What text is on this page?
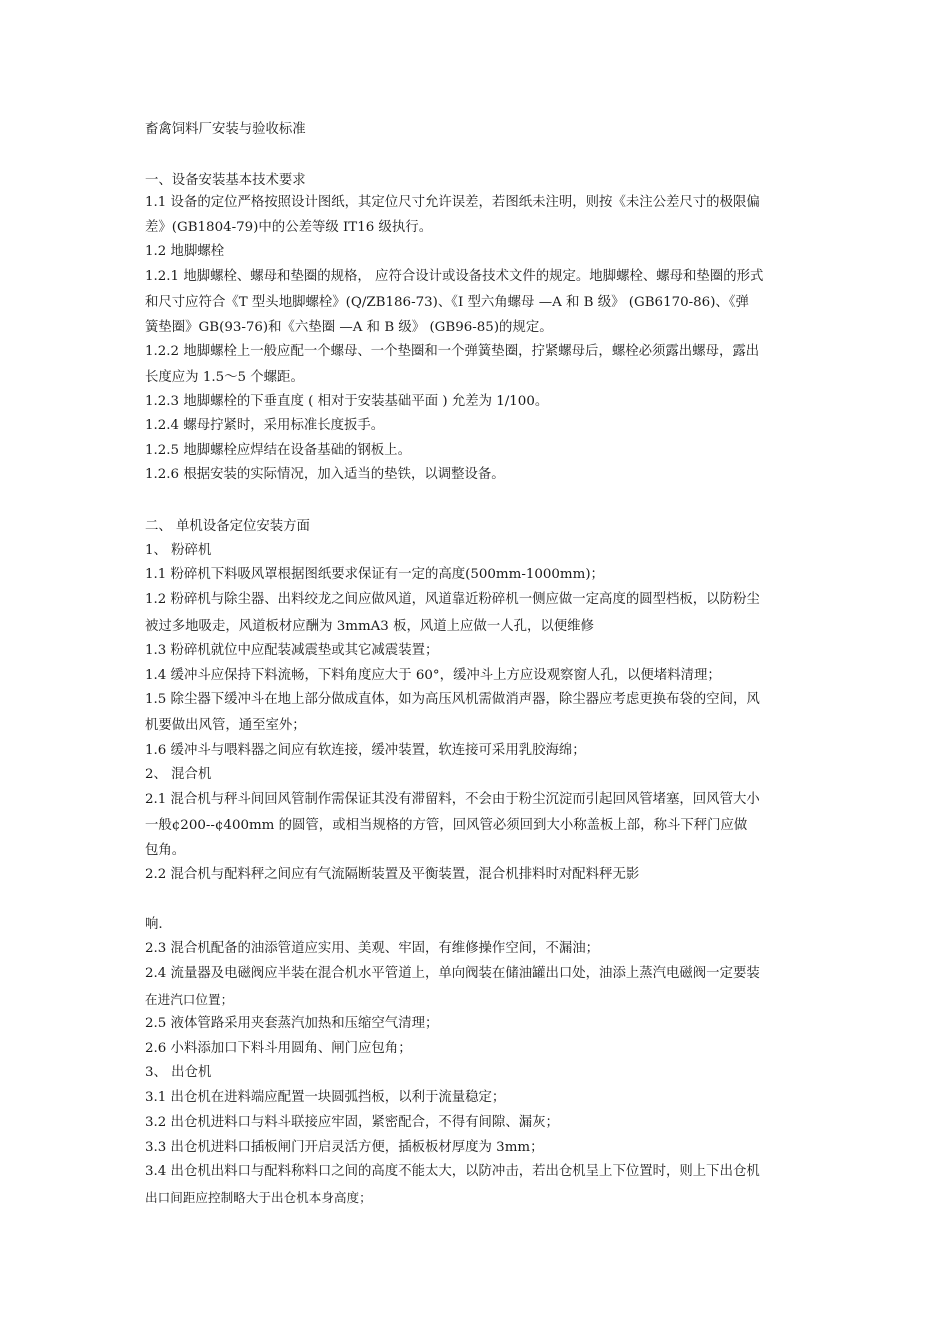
畜禽饲料厂安装与验收标准
一、设备安装基本技术要求
1.1 设备的定位严格按照设计图纸，其定位尺寸允许误差，若图纸未注明，则按《未注公差尺寸的极限偏
差》(GB1804-79)中的公差等级 IT16 级执行。
1.2 地脚螺栓
1.2.1 地脚螺栓、螺母和垫圈的规格， 应符合设计或设备技术文件的规定。地脚螺栓、螺母和垫圈的形式
和尺寸应符合《T 型头地脚螺栓》(Q/ZB186-73)、《I 型六角螺母 —A 和 B 级》 (GB6170-86)、《弹
簧垫圈》GB(93-76)和《六垫圈 —A 和 B 级》 (GB96-85)的规定。
1.2.2 地脚螺栓上一般应配一个螺母、一个垫圈和一个弹簧垫圈，拧紧螺母后，螺栓必须露出螺母，露出
长度应为 1.5～5 个螺距。
1.2.3 地脚螺栓的下垂直度 ( 相对于安装基础平面 ) 允差为 1/100。
1.2.4 螺母拧紧时，采用标准长度扳手。
1.2.5 地脚螺栓应焊结在设备基础的钢板上。
1.2.6 根据安装的实际情况，加入适当的垫铁，以调整设备。
二、 单机设备定位安装方面
1、 粉碎机
1.1 粉碎机下料吸风罩根据图纸要求保证有一定的高度(500mm-1000mm)；
1.2 粉碎机与除尘器、出料绞龙之间应做风道，风道靠近粉碎机一侧应做一定高度的圆型档板，以防粉尘
被过多地吸走，风道板材应酬为 3mmA3 板，风道上应做一人孔，以便维修
1.3 粉碎机就位中应配装减震垫或其它减震装置；
1.4 缓冲斗应保持下料流畅，下料角度应大于 60°，缓冲斗上方应设观察窗人孔，以便堵料清理；
1.5 除尘器下缓冲斗在地上部分做成直体，如为高压风机需做消声器，除尘器应考虑更换布袋的空间，风
机要做出风管，通至室外；
1.6 缓冲斗与喂料器之间应有软连接，缓冲装置，软连接可采用乳胶海绵；
2、 混合机
2.1 混合机与秤斗间回风管制作需保证其没有滞留料，不会由于粉尘沉淀而引起回风管堵塞，回风管大小
一般¢200--¢400mm 的圆管，或相当规格的方管，回风管必须回到大小称盖板上部，称斗下秤门应做
包角。
2.2 混合机与配料秤之间应有气流隔断装置及平衡装置，混合机排料时对配料秤无影
响.
2.3 混合机配备的油添管道应实用、美观、牢固，有维修操作空间，不漏油；
2.4 流量器及电磁阀应半装在混合机水平管道上，单向阀装在储油罐出口处，油添上蒸汽电磁阀一定要装
在进汽口位置；
2.5 液体管路采用夹套蒸汽加热和压缩空气清理；
2.6 小料添加口下料斗用圆角、闸门应包角；
3、 出仓机
3.1 出仓机在进料端应配置一块圆弧挡板，以利于流量稳定；
3.2 出仓机进料口与料斗联接应牢固，紧密配合，不得有间隙、漏灰；
3.3 出仓机进料口插板闸门开启灵活方便，插板板材厚度为 3mm；
3.4 出仓机出料口与配料称料口之间的高度不能太大，以防冲击，若出仓机呈上下位置时，则上下出仓机
出口间距应控制略大于出仓机本身高度；
